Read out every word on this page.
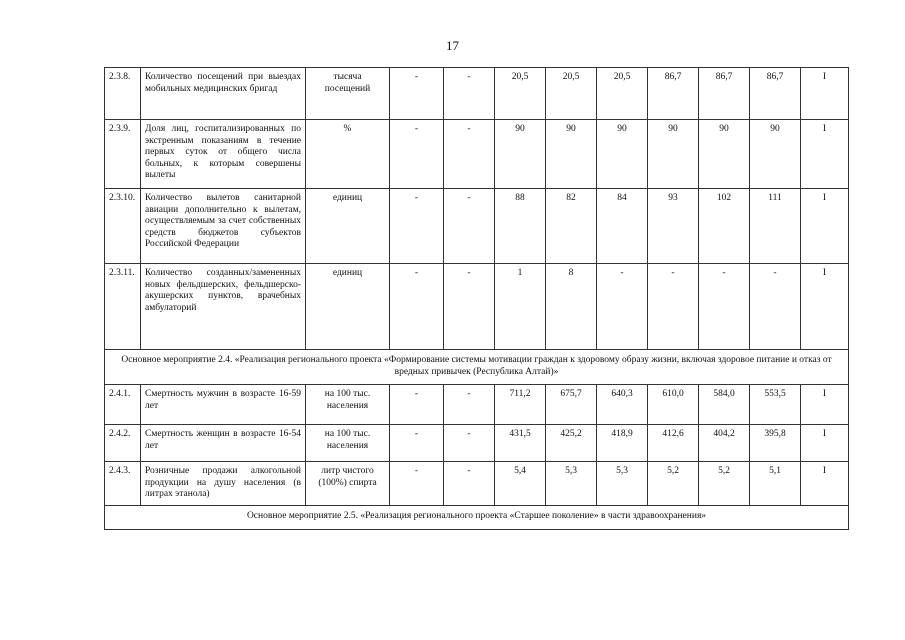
17
2.3.8.	Количество посещений при выездах мобильных медицинских бригад	тысяча посещений	-	-	20,5	20,5	20,5	86,7	86,7	86,7	I
2.3.9.	Доля лиц, госпитализированных по экстренным показаниям в течение первых суток от общего числа больных, к которым совершены вылеты	%	-	-	90	90	90	90	90	90	I
2.3.10.	Количество вылетов санитарной авиации дополнительно к вылетам, осуществляемым за счет собственных средств бюджетов субъектов Российской Федерации	единиц	-	-	88	82	84	93	102	111	I
2.3.11.	Количество созданных/замененных новых фельдшерских, фельдшерско-акушерских пунктов, врачебных амбулаторий	единиц	-	-	1	8	-	-	-	-	I
Основное мероприятие 2.4. «Реализация регионального проекта «Формирование системы мотивации граждан к здоровому образу жизни, включая здоровое питание и отказ от вредных привычек (Республика Алтай)»											
2.4.1.	Смертность мужчин в возрасте 16-59 лет	на 100 тыс. населения	-	-	711,2	675,7	640,3	610,0	584,0	553,5	I
2.4.2.	Смертность женщин в возрасте 16-54 лет	на 100 тыс. населения	-	-	431,5	425,2	418,9	412,6	404,2	395,8	I
2.4.3.	Розничные продажи алкогольной продукции на душу населения (в литрах этанола)	литр чистого (100%) спирта	-	-	5,4	5,3	5,3	5,2	5,2	5,1	I
Основное мероприятие 2.5. «Реализация регионального проекта «Старшее поколение» в части здравоохранения»											
